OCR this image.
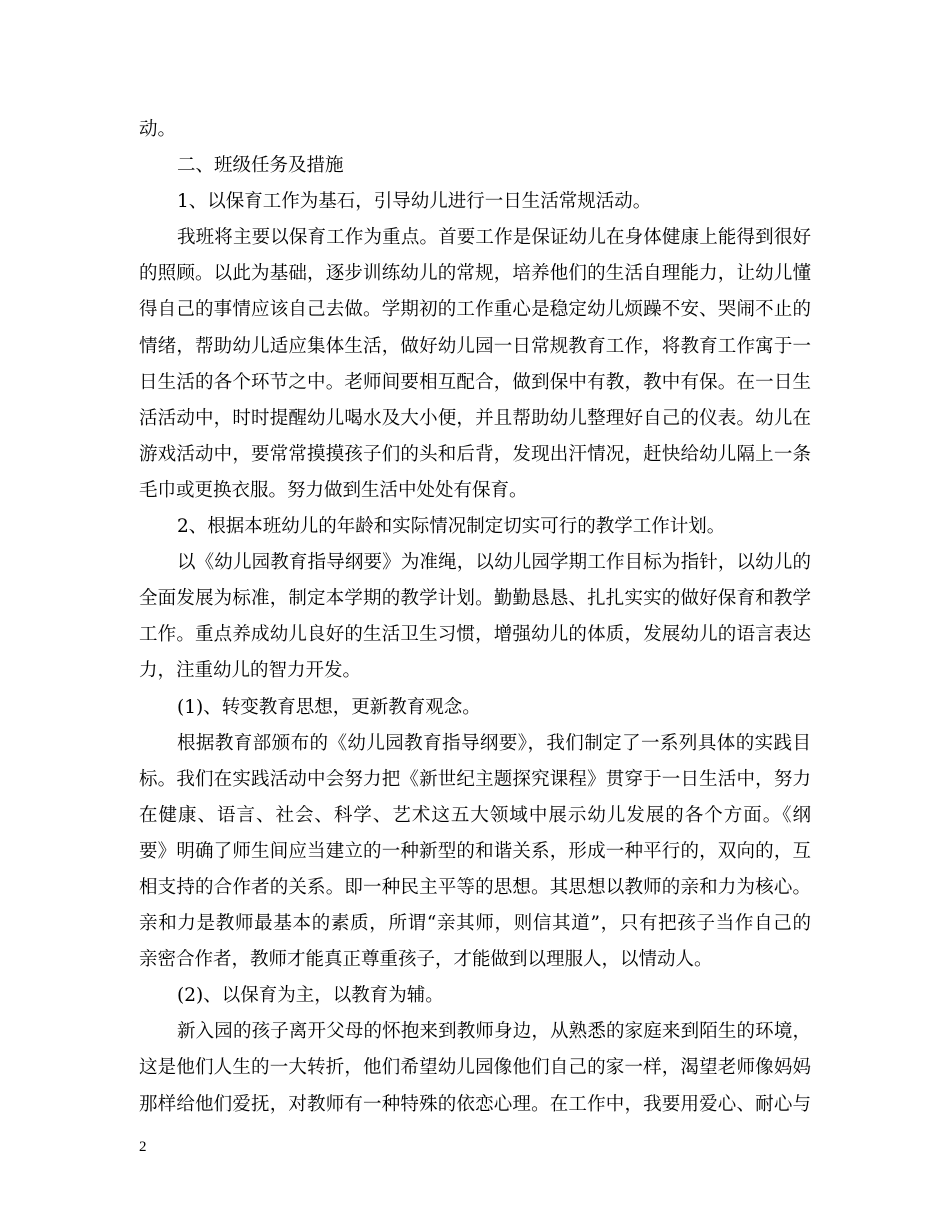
动。
二、班级任务及措施
1、以保育工作为基石，引导幼儿进行一日生活常规活动。
我班将主要以保育工作为重点。首要工作是保证幼儿在身体健康上能得到很好
的照顾。以此为基础，逐步训练幼儿的常规，培养他们的生活自理能力，让幼儿懂
得自己的事情应该自己去做。学期初的工作重心是稳定幼儿烦躁不安、哭闹不止的
情绪，帮助幼儿适应集体生活，做好幼儿园一日常规教育工作，将教育工作寓于一
日生活的各个环节之中。老师间要相互配合，做到保中有教，教中有保。在一日生
活活动中，时时提醒幼儿喝水及大小便，并且帮助幼儿整理好自己的仪表。幼儿在
游戏活动中，要常常摸摸孩子们的头和后背，发现出汗情况，赶快给幼儿隔上一条
毛巾或更换衣服。努力做到生活中处处有保育。
2、根据本班幼儿的年龄和实际情况制定切实可行的教学工作计划。
以《幼儿园教育指导纲要》为准绳，以幼儿园学期工作目标为指针，以幼儿的
全面发展为标准，制定本学期的教学计划。勤勤恳恳、扎扎实实的做好保育和教学
工作。重点养成幼儿良好的生活卫生习惯，增强幼儿的体质，发展幼儿的语言表达
力，注重幼儿的智力开发。
(1)、转变教育思想，更新教育观念。
根据教育部颁布的《幼儿园教育指导纲要》，我们制定了一系列具体的实践目
标。我们在实践活动中会努力把《新世纪主题探究课程》贯穿于一日生活中，努力
在健康、语言、社会、科学、艺术这五大领域中展示幼儿发展的各个方面。《纲
要》明确了师生间应当建立的一种新型的和谐关系，形成一种平行的，双向的，互
相支持的合作者的关系。即一种民主平等的思想。其思想以教师的亲和力为核心。
亲和力是教师最基本的素质，所谓“亲其师，则信其道”，只有把孩子当作自己的
亲密合作者，教师才能真正尊重孩子，才能做到以理服人，以情动人。
(2)、以保育为主，以教育为辅。
新入园的孩子离开父母的怀抱来到教师身边，从熟悉的家庭来到陌生的环境，
这是他们人生的一大转折，他们希望幼儿园像他们自己的家一样，渴望老师像妈妈
那样给他们爱抚，对教师有一种特殊的依恋心理。在工作中，我要用爱心、耐心与
2
